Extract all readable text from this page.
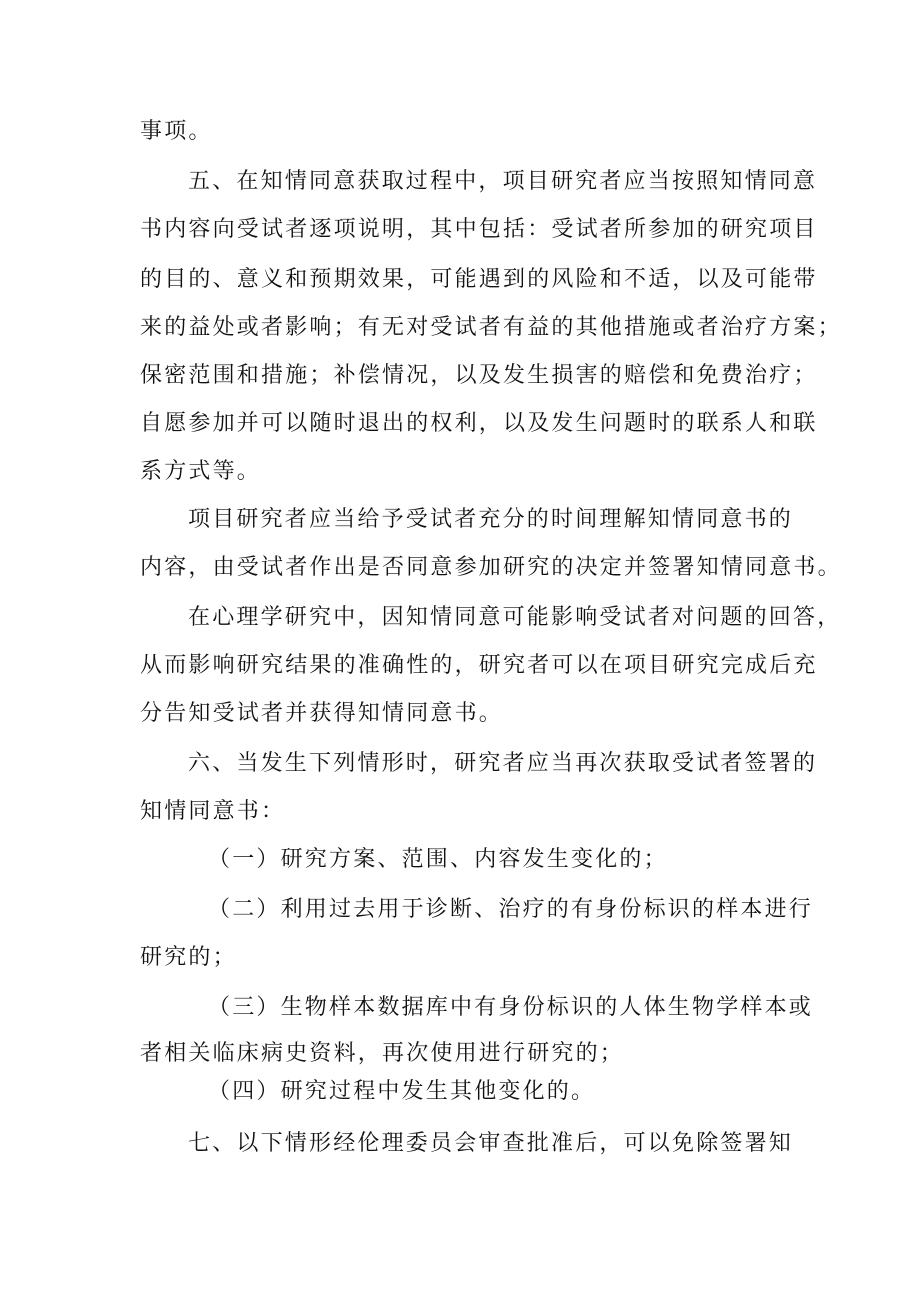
事项。
五、在知情同意获取过程中，项目研究者应当按照知情同意
书内容向受试者逐项说明，其中包括：受试者所参加的研究项目
的目的、意义和预期效果，可能遇到的风险和不适，以及可能带
来的益处或者影响；有无对受试者有益的其他措施或者治疗方案；
保密范围和措施；补偿情况，以及发生损害的赔偿和免费治疗；
自愿参加并可以随时退出的权利，以及发生问题时的联系人和联
系方式等。
项目研究者应当给予受试者充分的时间理解知情同意书的
内容，由受试者作出是否同意参加研究的决定并签署知情同意书。
在心理学研究中，因知情同意可能影响受试者对问题的回答，
从而影响研究结果的准确性的，研究者可以在项目研究完成后充
分告知受试者并获得知情同意书。
六、当发生下列情形时，研究者应当再次获取受试者签署的
知情同意书：
（一）研究方案、范围、内容发生变化的；
（二）利用过去用于诊断、治疗的有身份标识的样本进行
研究的；
（三）生物样本数据库中有身份标识的人体生物学样本或
者相关临床病史资料，再次使用进行研究的；
（四）研究过程中发生其他变化的。
七、以下情形经伦理委员会审查批准后，可以免除签署知
